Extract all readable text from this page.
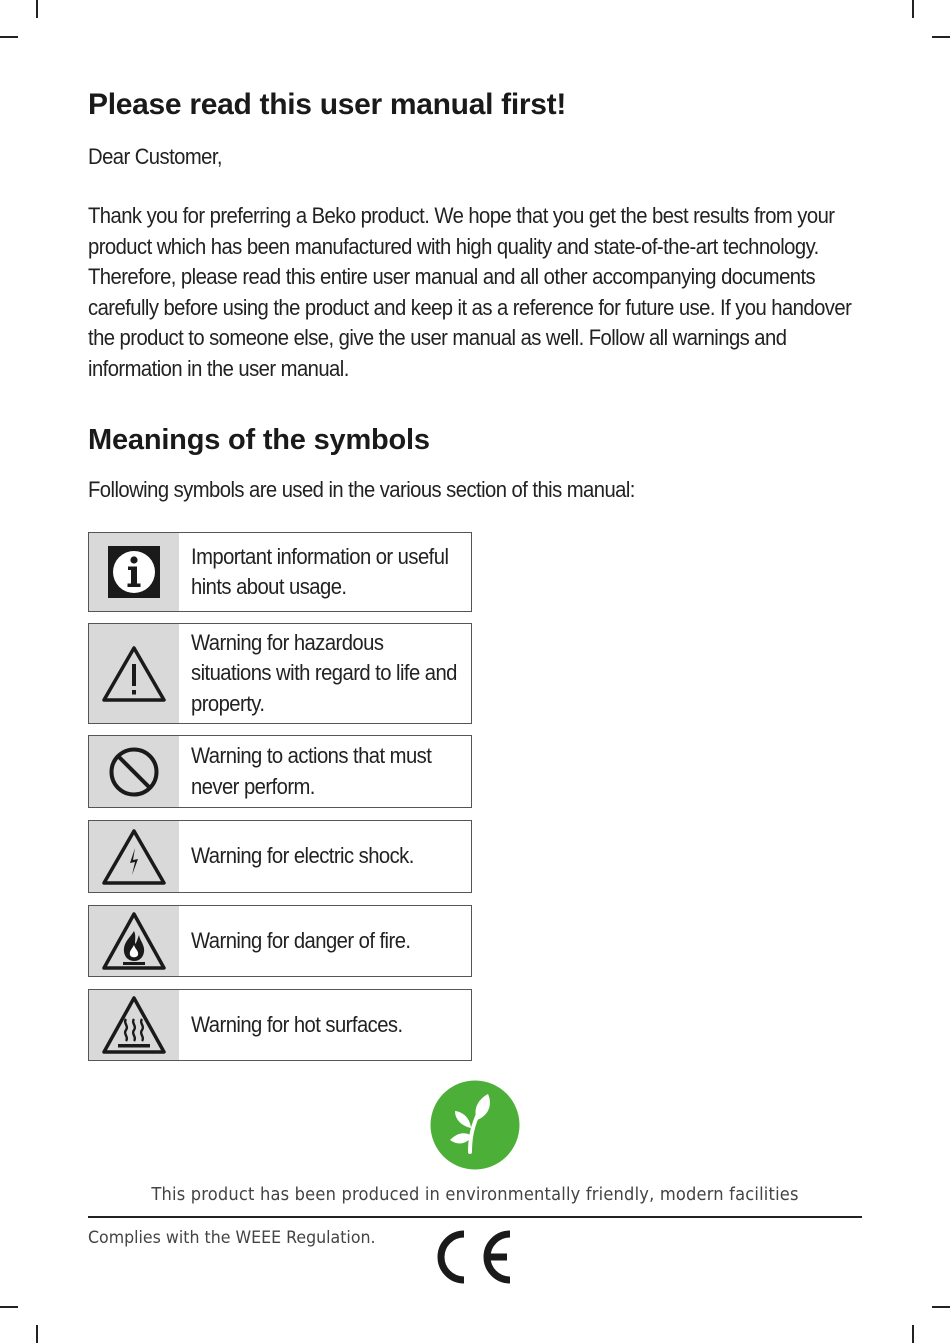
Please read this user manual first!
Dear Customer,
Thank you for preferring a Beko product. We hope that you get the best results from your product which has been manufactured with high quality and state-of-the-art technology. Therefore, please read this entire user manual and all other accompanying documents carefully before using the product and keep it as a reference for future use. If you handover the product to someone else, give the user manual as well. Follow all warnings and information in the user manual.
Meanings of the symbols
Following symbols are used in the various section of this manual:
Important information or useful hints about usage.
Warning for hazardous situations with regard to life and property.
Warning to actions that must never perform.
Warning for electric shock.
Warning for danger of fire.
Warning for hot surfaces.
This product has been produced in environmentally friendly, modern facilities
Complies with the WEEE Regulation.
